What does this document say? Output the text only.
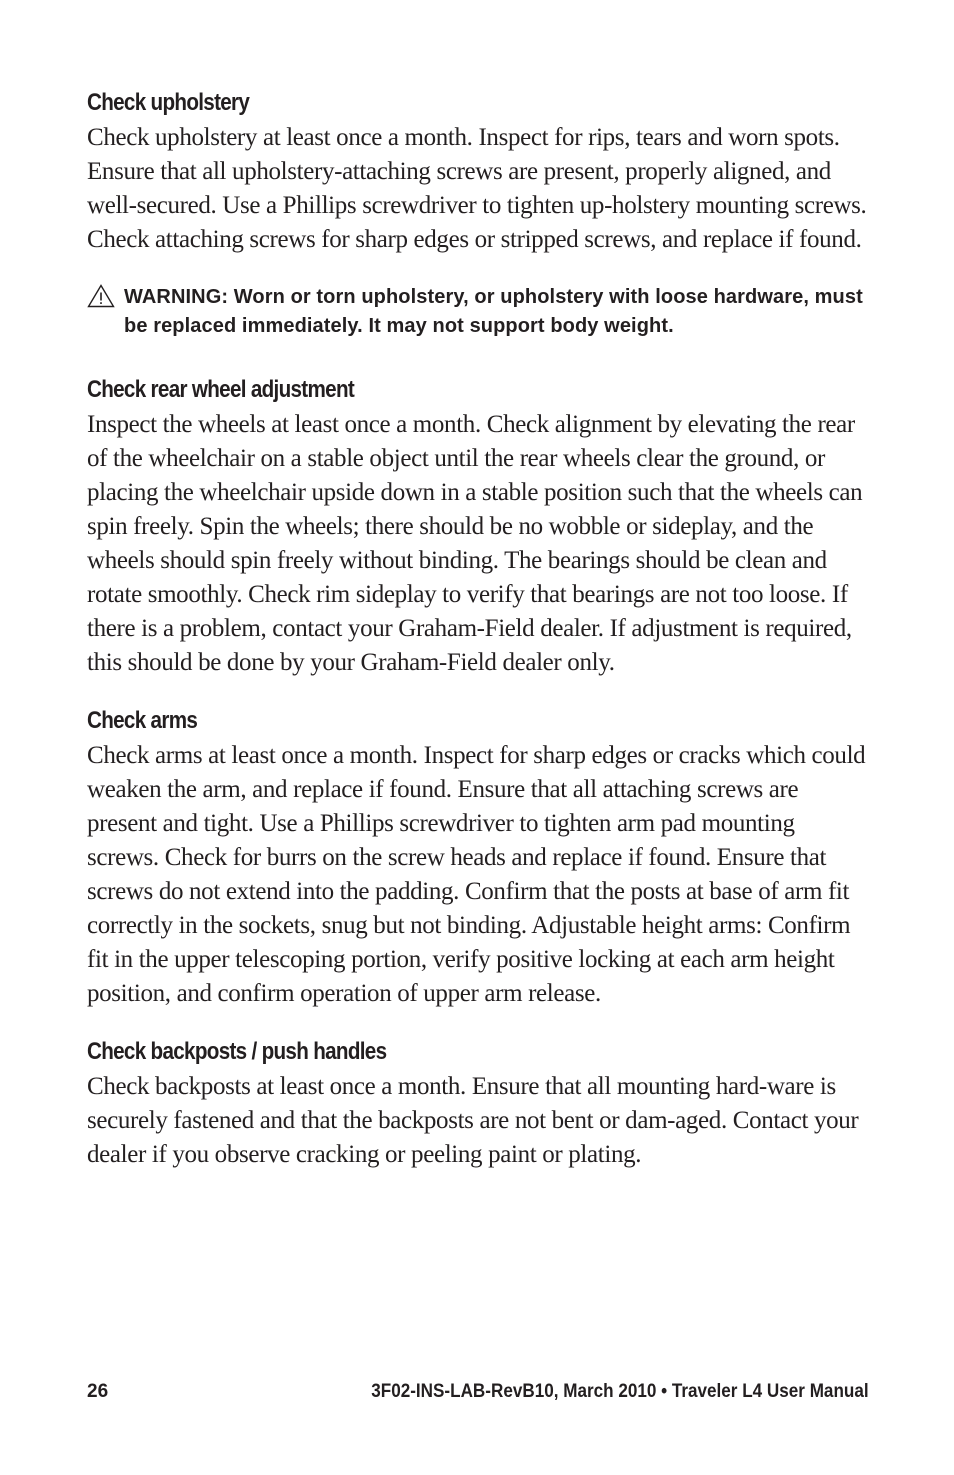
Check upholstery

Check upholstery at least once a month. Inspect for rips, tears and worn spots. Ensure that all upholstery-attaching screws are present, properly aligned, and well-secured. Use a Phillips screwdriver to tighten up-holstery mounting screws. Check attaching screws for sharp edges or stripped screws, and replace if found.

WARNING: Worn or torn upholstery, or upholstery with loose hardware, must be replaced immediately. It may not support body weight.

Check rear wheel adjustment

Inspect the wheels at least once a month. Check alignment by elevating the rear of the wheelchair on a stable object until the rear wheels clear the ground, or placing the wheelchair upside down in a stable position such that the wheels can spin freely. Spin the wheels; there should be no wobble or sideplay, and the wheels should spin freely without binding. The bearings should be clean and rotate smoothly. Check rim sideplay to verify that bearings are not too loose. If there is a problem, contact your Graham-Field dealer. If adjustment is required, this should be done by your Graham-Field dealer only.

Check arms

Check arms at least once a month. Inspect for sharp edges or cracks which could weaken the arm, and replace if found. Ensure that all attaching screws are present and tight. Use a Phillips screwdriver to tighten arm pad mounting screws. Check for burrs on the screw heads and replace if found. Ensure that screws do not extend into the padding. Confirm that the posts at base of arm fit correctly in the sockets, snug but not binding. Adjustable height arms: Confirm fit in the upper telescoping portion, verify positive locking at each arm height position, and confirm operation of upper arm release.

Check backposts / push handles

Check backposts at least once a month. Ensure that all mounting hard-ware is securely fastened and that the backposts are not bent or dam-aged. Contact your dealer if you observe cracking or peeling paint or plating.

26	3F02-INS-LAB-RevB10, March 2010 • Traveler L4 User Manual
